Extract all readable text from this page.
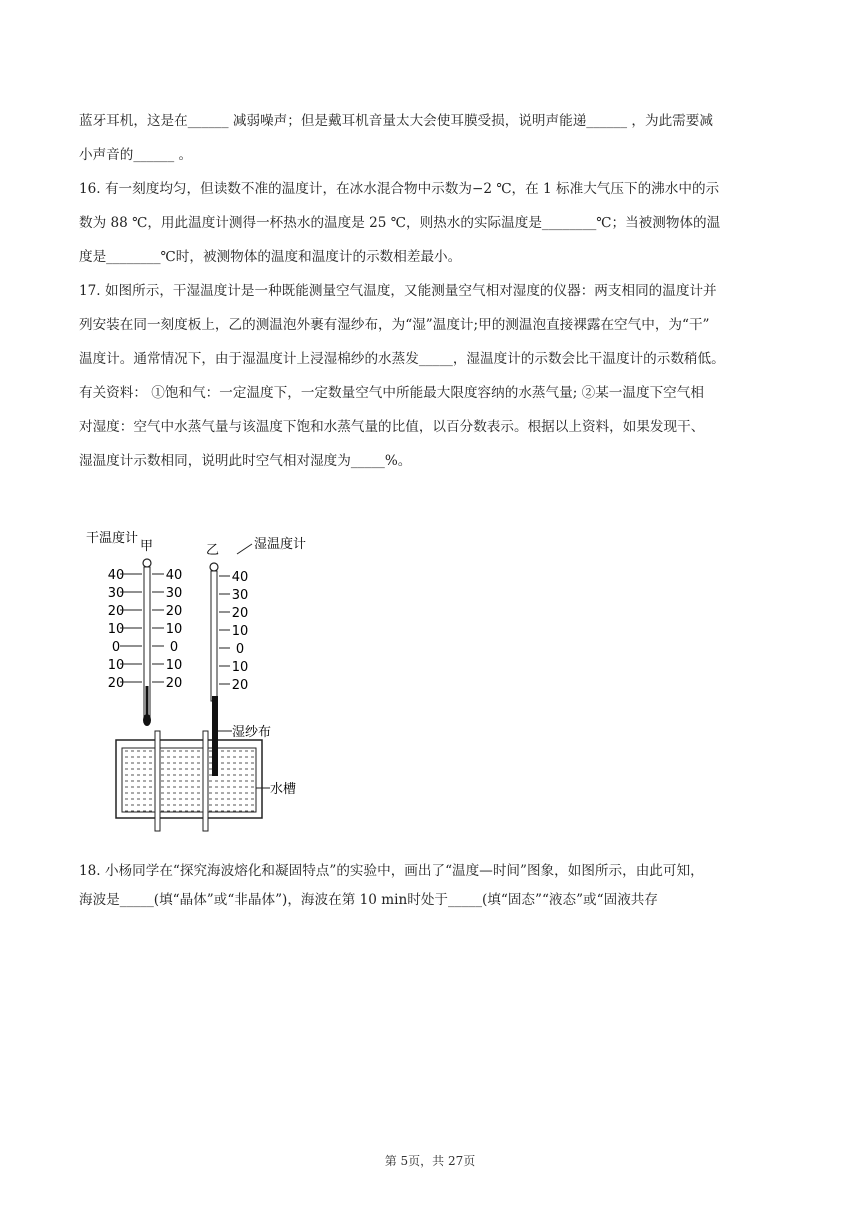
蓝牙耳机，这是在______ 减弱噪声；但是戴耳机音量太大会使耳膜受损，说明声能递______ ，为此需要减
小声音的______ 。
16. 有一刻度均匀，但读数不准的温度计，在冰水混合物中示数为−2 ℃，在 1 标准大气压下的沸水中的示
数为 88 ℃，用此温度计测得一杯热水的温度是 25 ℃，则热水的实际温度是________℃；当被测物体的温
度是________℃时，被测物体的温度和温度计的示数相差最小。
17. 如图所示，干湿温度计是一种既能测量空气温度，又能测量空气相对湿度的仪器：两支相同的温度计并
列安装在同一刻度板上，乙的测温泡外裹有湿纱布，为“湿”温度计;甲的测温泡直接裸露在空气中，为“干”
温度计。通常情况下，由于湿温度计上浸湿棉纱的水蒸发_____，湿温度计的示数会比干温度计的示数稍低。
有关资料： ①饱和气：一定温度下，一定数量空气中所能最大限度容纳的水蒸气量; ②某一温度下空气相
对湿度：空气中水蒸气量与该温度下饱和水蒸气量的比值，以百分数表示。根据以上资料，如果发现干、
湿温度计示数相同，说明此时空气相对湿度为_____%。
干温度计
甲	乙	湿温度计
40
30
20
10
0
10
20
40
30
20
10
0
10
20
40
30
20
10
0
10
20
湿纱布
水槽
18. 小杨同学在“探究海波熔化和凝固特点”的实验中，画出了“温度—时间”图象，如图所示，由此可知，
海波是_____(填“晶体”或“非晶体”)，海波在第 10 min时处于_____(填“固态”“液态”或“固液共存
第 5页，共 27页
